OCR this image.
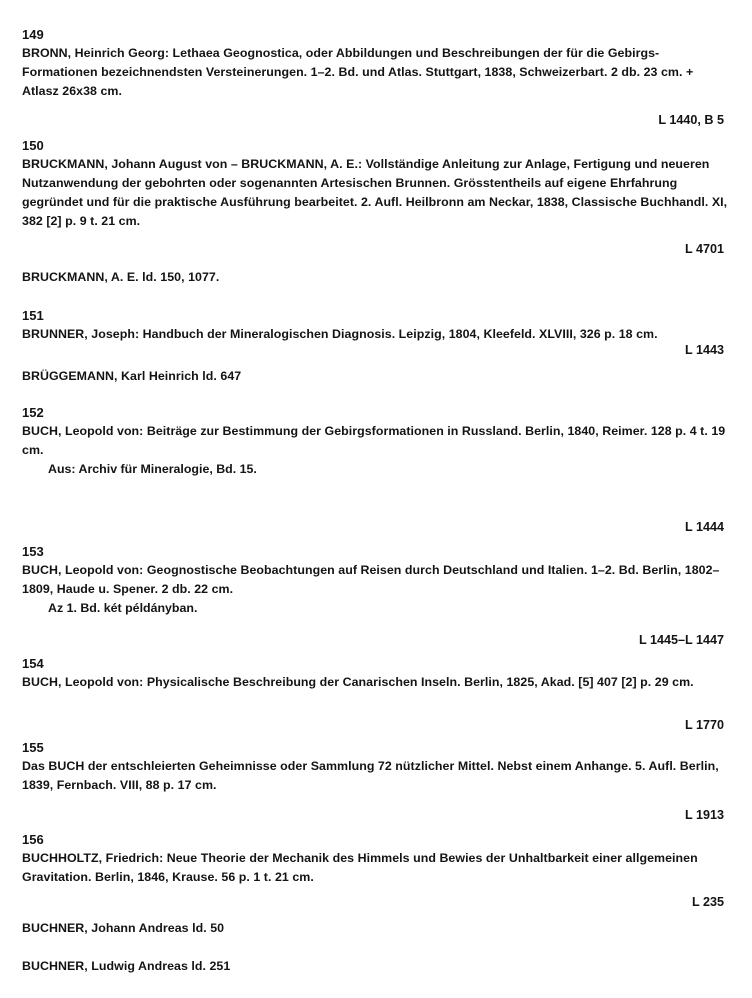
149
BRONN, Heinrich Georg: Lethaea Geognostica, oder Abbildungen und Beschreibungen der für die Gebirgs-Formationen bezeichnendsten Versteinerungen. 1–2. Bd. und Atlas. Stuttgart, 1838, Schweizerbart. 2 db. 23 cm. + Atlasz 26x38 cm.
L 1440, B 5
150
BRUCKMANN, Johann August von – BRUCKMANN, A. E.: Vollständige Anleitung zur Anlage, Fertigung und neueren Nutzanwendung der gebohrten oder sogenannten Artesischen Brunnen. Grösstentheils auf eigene Ehrfahrung gegründet und für die praktische Ausführung bearbeitet. 2. Aufl. Heilbronn am Neckar, 1838, Classische Buchhandl. XI, 382 [2] p. 9 t. 21 cm.
L 4701
BRUCKMANN, A. E. ld. 150, 1077.
151
BRUNNER, Joseph: Handbuch der Mineralogischen Diagnosis. Leipzig, 1804, Kleefeld. XLVIII, 326 p. 18 cm.
L 1443
BRÜGGEMANN, Karl Heinrich ld. 647
152
BUCH, Leopold von: Beiträge zur Bestimmung der Gebirgsformationen in Russland. Berlin, 1840, Reimer. 128 p. 4 t. 19 cm.
Aus: Archiv für Mineralogie, Bd. 15.
L 1444
153
BUCH, Leopold von: Geognostische Beobachtungen auf Reisen durch Deutschland und Italien. 1–2. Bd. Berlin, 1802–1809, Haude u. Spener. 2 db. 22 cm.
Az 1. Bd. két példányban.
L 1445–L 1447
154
BUCH, Leopold von: Physicalische Beschreibung der Canarischen Inseln. Berlin, 1825, Akad. [5] 407 [2] p. 29 cm.
L 1770
155
Das BUCH der entschleierten Geheimnisse oder Sammlung 72 nützlicher Mittel. Nebst einem Anhange. 5. Aufl. Berlin, 1839, Fernbach. VIII, 88 p. 17 cm.
L 1913
156
BUCHHOLTZ, Friedrich: Neue Theorie der Mechanik des Himmels und Bewies der Unhaltbarkeit einer allgemeinen Gravitation. Berlin, 1846, Krause. 56 p. 1 t. 21 cm.
L 235
BUCHNER, Johann Andreas ld. 50
BUCHNER, Ludwig Andreas ld. 251
